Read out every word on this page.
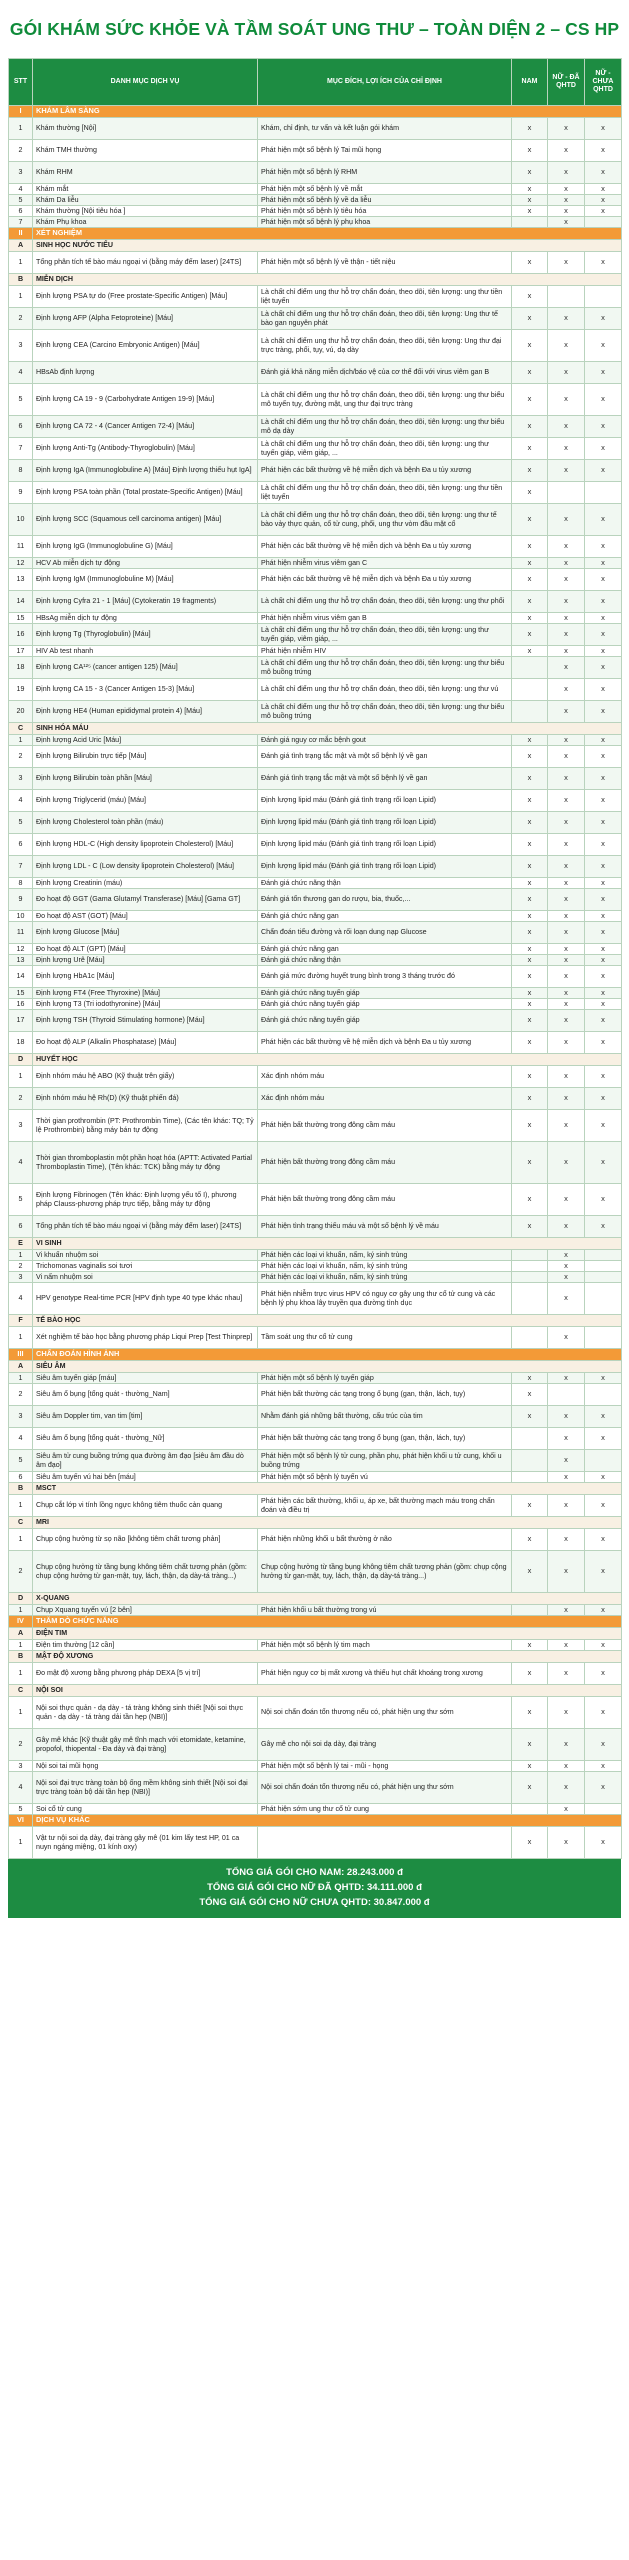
GÓI KHÁM SỨC KHỎE VÀ TẦM SOÁT UNG THƯ – TOÀN DIỆN 2 – CS HP
STT	DANH MỤC DỊCH VỤ	MỤC ĐÍCH, LỢI ÍCH CỦA CHỈ ĐỊNH	NAM	NỮ - ĐÃ QHTD	NỮ - CHƯA QHTD
I	KHÁM LÂM SÀNG				
1	Khám thường [Nội]	Khám, chỉ định, tư vấn và kết luận gói khám	x	x	x
2	Khám TMH thường	Phát hiện một số bệnh lý Tai mũi họng	x	x	x
3	Khám RHM	Phát hiện một số bệnh lý RHM	x	x	x
4	Khám mắt	Phát hiện một số bệnh lý về mắt	x	x	x
5	Khám Da liễu	Phát hiện một số bệnh lý về da liễu	x	x	x
6	Khám thường [Nội tiêu hóa ]	Phát hiện một số bệnh lý tiêu hóa	x	x	x
7	Khám Phụ khoa	Phát hiện một số bệnh lý phụ khoa		x	
II	XÉT NGHIỆM				
A	SINH HỌC NƯỚC TIỂU				
1	Tổng phân tích tế bào máu ngoại vi (bằng máy đếm laser) [24TS]	Phát hiện một số bệnh lý về thận - tiết niệu	x	x	x
B	MIỄN DỊCH				
1	Định lượng PSA tự do (Free prostate-Specific Antigen) [Máu]	Là chất chỉ điểm ung thư hỗ trợ chẩn đoán, theo dõi, tiên lượng: ung thư tiền liệt tuyến	x		
2	Định lượng AFP (Alpha Fetoproteine) [Máu]	Là chất chỉ điểm ung thư hỗ trợ chẩn đoán, theo dõi, tiên lượng: Ung thư tế bào gan nguyên phát	x	x	x
3	Định lượng CEA (Carcino Embryonic Antigen) [Máu]	Là chất chỉ điểm ung thư hỗ trợ chẩn đoán, theo dõi, tiên lượng: Ung thư đại trực tràng, phổi, tụy, vú, dạ dày	x	x	x
4	HBsAb định lượng	Đánh giá khả năng miễn dịch/báo vệ của cơ thể đối với virus viêm gan B	x	x	x
5	Định lượng CA 19 - 9 (Carbohydrate Antigen 19-9) [Máu]	Là chất chỉ điểm ung thư hỗ trợ chẩn đoán, theo dõi, tiên lượng: ung thư biểu mô tuyến tụy, đường mật, ung thư đại trực tràng	x	x	x
6	Định lượng CA 72 - 4 (Cancer Antigen 72-4) [Máu]	Là chất chỉ điểm ung thư hỗ trợ chẩn đoán, theo dõi, tiên lượng: ung thư biểu mô dạ dày	x	x	x
7	Định lượng Anti-Tg (Antibody-Thyroglobulin) [Máu]	Là chất chỉ điểm ung thư hỗ trợ chẩn đoán, theo dõi, tiên lượng: ung thư tuyến giáp, viêm giáp, ...	x	x	x
8	Định lượng IgA (Immunoglobuline A) [Máu] Định lượng thiếu hụt IgA]	Phát hiện các bất thường về hệ miễn dịch và bệnh Đa u tủy xương	x	x	x
9	Định lượng PSA toàn phần (Total prostate-Specific Antigen) [Máu]	Là chất chỉ điểm ung thư hỗ trợ chẩn đoán, theo dõi, tiên lượng: ung thư tiền liệt tuyến	x		
10	Định lượng SCC (Squamous cell carcinoma antigen) [Máu]	Là chất chỉ điểm ung thư hỗ trợ chẩn đoán, theo dõi, tiên lượng: ung thư tế bào vảy thực quản, cổ tử cung, phổi, ung thư vòm đầu mặt cổ	x	x	x
11	Định lượng IgG (Immunoglobuline G) [Máu]	Phát hiện các bất thường về hệ miễn dịch và bệnh Đa u tủy xương	x	x	x
12	HCV Ab miễn dịch tự động	Phát hiện nhiễm virus viêm gan C	x	x	x
13	Định lượng IgM (Immunoglobuline M) [Máu]	Phát hiện các bất thường về hệ miễn dịch và bệnh Đa u tủy xương	x	x	x
14	Định lượng Cyfra 21 - 1 [Máu] (Cytokeratin 19 fragments)	Là chất chỉ điểm ung thư hỗ trợ chẩn đoán, theo dõi, tiên lượng: ung thư phổi	x	x	x
15	HBsAg miễn dịch tự động	Phát hiện nhiễm virus viêm gan B	x	x	x
16	Định lượng Tg (Thyroglobulin) [Máu]	Là chất chỉ điểm ung thư hỗ trợ chẩn đoán, theo dõi, tiên lượng: ung thư tuyến giáp, viêm giáp, ...	x	x	x
17	HIV Ab test nhanh	Phát hiện nhiễm HIV	x	x	x
18	Định lượng CA¹²⁵ (cancer antigen 125) [Máu]	Là chất chỉ điểm ung thư hỗ trợ chẩn đoán, theo dõi, tiên lượng: ung thư biểu mô buồng trứng		x	x
19	Định lượng CA 15 - 3 (Cancer Antigen 15-3) [Máu]	Là chất chỉ điểm ung thư hỗ trợ chẩn đoán, theo dõi, tiên lượng: ung thư vú		x	x
20	Định lượng HE4 (Human epididymal protein 4) [Máu]	Là chất chỉ điểm ung thư hỗ trợ chẩn đoán, theo dõi, tiên lượng: ung thư biểu mô buồng trứng		x	x
C	SINH HÓA MÁU				
1	Định lượng Acid Uric [Máu]	Đánh giá nguy cơ mắc bệnh gout	x	x	x
2	Định lượng Bilirubin trực tiếp [Máu]	Đánh giá tình trạng tắc mật và một số bệnh lý về gan	x	x	x
3	Định lượng Bilirubin toàn phần [Máu]	Đánh giá tình trạng tắc mật và một số bệnh lý về gan	x	x	x
4	Định lượng Triglycerid (máu) [Máu]	Định lượng lipid máu (Đánh giá tình trạng rối loạn Lipid)	x	x	x
5	Định lượng Cholesterol toàn phần (máu)	Định lượng lipid máu (Đánh giá tình trạng rối loạn Lipid)	x	x	x
6	Định lượng HDL-C (High density lipoprotein Cholesterol) [Máu]	Định lượng lipid máu (Đánh giá tình trạng rối loạn Lipid)	x	x	x
7	Định lượng LDL - C (Low density lipoprotein Cholesterol) [Máu]	Định lượng lipid máu (Đánh giá tình trạng rối loạn Lipid)	x	x	x
8	Định lượng Creatinin (máu)	Đánh giá chức năng thận	x	x	x
9	Đo hoạt độ GGT (Gama Glutamyl Transferase) [Máu] [Gama GT]	Đánh giá tổn thương gan do rượu, bia, thuốc,...	x	x	x
10	Đo hoạt độ AST (GOT) [Máu]	Đánh giá chức năng gan	x	x	x
11	Định lượng Glucose [Máu]	Chẩn đoán tiểu đường và rối loạn dung nạp Glucose	x	x	x
12	Đo hoạt độ ALT (GPT) [Máu]	Đánh giá chức năng gan	x	x	x
13	Định lượng Urê [Máu]	Đánh giá chức năng thận	x	x	x
14	Định lượng HbA1c [Máu]	Đánh giá mức đường huyết trung bình trong 3 tháng trước đó	x	x	x
15	Định lượng FT4 (Free Thyroxine) [Máu]	Đánh giá chức năng tuyến giáp	x	x	x
16	Định lượng T3 (Tri iodothyronine) [Máu]	Đánh giá chức năng tuyến giáp	x	x	x
17	Định lượng TSH (Thyroid Stimulating hormone) [Máu]	Đánh giá chức năng tuyến giáp	x	x	x
18	Đo hoạt độ ALP (Alkalin Phosphatase) [Máu]	Phát hiện các bất thường về hệ miễn dịch và bệnh Đa u tủy xương	x	x	x
D	HUYẾT HỌC				
1	Định nhóm máu hệ ABO (Kỹ thuật trên giấy)	Xác định nhóm máu	x	x	x
2	Định nhóm máu hệ Rh(D) (Kỹ thuật phiến đá)	Xác định nhóm máu	x	x	x
3	Thời gian prothrombin (PT: Prothrombin Time), (Các tên khác: TQ; Tỷ lệ Prothrombin) bằng máy bán tự động	Phát hiện bất thường trong đông cầm máu	x	x	x
4	Thời gian thromboplastin một phần hoạt hóa (APTT: Activated Partial Thromboplastin Time), (Tên khác: TCK) bằng máy tự động	Phát hiện bất thường trong đông cầm máu	x	x	x
5	Định lượng Fibrinogen (Tên khác: Định lượng yếu tố I), phương pháp Clauss-phương pháp trực tiếp, bằng máy tự động	Phát hiện bất thường trong đông cầm máu	x	x	x
6	Tổng phân tích tế bào máu ngoại vi (bằng máy đếm laser) [24TS]	Phát hiện tình trạng thiếu máu và một số bệnh lý về máu	x	x	x
E	VI SINH				
1	Vi khuẩn nhuộm soi	Phát hiện các loại vi khuẩn, nấm, ký sinh trùng		x	
2	Trichomonas vaginalis soi tươi	Phát hiện các loại vi khuẩn, nấm, ký sinh trùng		x	
3	Vi nấm nhuộm soi	Phát hiện các loại vi khuẩn, nấm, ký sinh trùng		x	
4	HPV genotype Real-time PCR [HPV định type 40 type khác nhau]	Phát hiện nhiễm trực virus HPV có nguy cơ gây ung thư cổ tử cung và các bệnh lý phụ khoa lây truyền qua đường tình dục		x	
F	TẾ BÀO HỌC				
1	Xét nghiệm tế bào học bằng phương pháp Liqui Prep [Test Thinprep]	Tầm soát ung thư cổ tử cung		x	
III	CHẨN ĐOÁN HÌNH ẢNH				
A	SIÊU ÂM				
1	Siêu âm tuyến giáp [máu]	Phát hiện một số bệnh lý tuyến giáp	x	x	x
2	Siêu âm ổ bụng [tổng quát - thường_Nam]	Phát hiện bất thường các tạng trong ổ bụng (gan, thận, lách, tụy)	x		
3	Siêu âm Doppler tim, van tim [tim]	Nhằm đánh giá những bất thường, cấu trúc của tim	x	x	x
4	Siêu âm ổ bụng [tổng quát - thường_Nữ]	Phát hiện bất thường các tạng trong ổ bụng (gan, thận, lách, tụy)		x	x
5	Siêu âm tử cung buồng trứng qua đường âm đạo [siêu âm đầu dò âm đạo]	Phát hiện một số bệnh lý tử cung, phần phụ, phát hiện khối u tử cung, khối u buồng trứng		x	
6	Siêu âm tuyến vú hai bên [máu]	Phát hiện một số bệnh lý tuyến vú		x	x
B	MSCT				
1	Chụp cắt lớp vi tính lồng ngực không tiêm thuốc cản quang	Phát hiện các bất thường, khối u, áp xe, bất thường mạch máu trong chẩn đoán và điều trị	x	x	x
C	MRI				
1	Chụp cộng hưởng từ sọ não [không tiêm chất tương phản]	Phát hiện những khối u bất thường ở não	x	x	x
2	Chụp cộng hưởng từ tầng bụng không tiêm chất tương phản (gồm: chụp cộng hưởng từ gan-mật, tụy, lách, thận, dạ dày-tá tràng...)	Chụp cộng hưởng từ tầng bụng không tiêm chất tương phản (gồm: chụp cộng hưởng từ gan-mật, tụy, lách, thận, dạ dày-tá tràng...)	x	x	x
D	X-QUANG				
1	Chụp Xquang tuyến vú [2 bên]	Phát hiện khối u bất thường trong vú		x	x
IV	THĂM DÒ CHỨC NĂNG				
A	ĐIỆN TIM				
1	Điện tim thường [12 cần]	Phát hiện một số bệnh lý tim mạch	x	x	x
B	MẬT ĐỘ XƯƠNG				
1	Đo mật độ xương bằng phương pháp DEXA [5 vị trí]	Phát hiện nguy cơ bị mất xương và thiếu hụt chất khoáng trong xương	x	x	x
C	NỘI SOI				
1	Nội soi thực quản - dạ dày - tá tràng không sinh thiết [Nội soi thực quản - dạ dày - tá tràng dải tần hẹp (NBI)]	Nội soi chẩn đoán tổn thương nếu có, phát hiện ung thư sớm	x	x	x
2	Gây mê khác [Kỹ thuật gây mê tĩnh mạch với etomidate, ketamine, propofol, thiopental - Đa dày và đại tràng]	Gây mê cho nội soi dạ dày, đại tràng	x	x	x
3	Nội soi tai mũi họng	Phát hiện một số bệnh lý tai - mũi - họng	x	x	x
4	Nội soi đại trực tràng toàn bộ ống mềm không sinh thiết [Nội soi đại trực tràng toàn bộ dải tần hẹp (NBI)]	Nội soi chẩn đoán tổn thương nếu có, phát hiện ung thư sớm	x	x	x
5	Soi cổ tử cung	Phát hiện sớm ung thư cổ tử cung		x	
VI	DỊCH VỤ KHÁC				
1	Vật tư nội soi dạ dày, đại tràng gây mê (01 kim lấy test HP, 01 ca nuyn ngáng miệng, 01 kính oxy)		x	x	x
TỔNG GIÁ GÓI CHO NAM: 28.243.000 đ
TỔNG GIÁ GÓI CHO NỮ ĐÃ QHTD: 34.111.000 đ
TỔNG GIÁ GÓI CHO NỮ CHƯA QHTD: 30.847.000 đ
